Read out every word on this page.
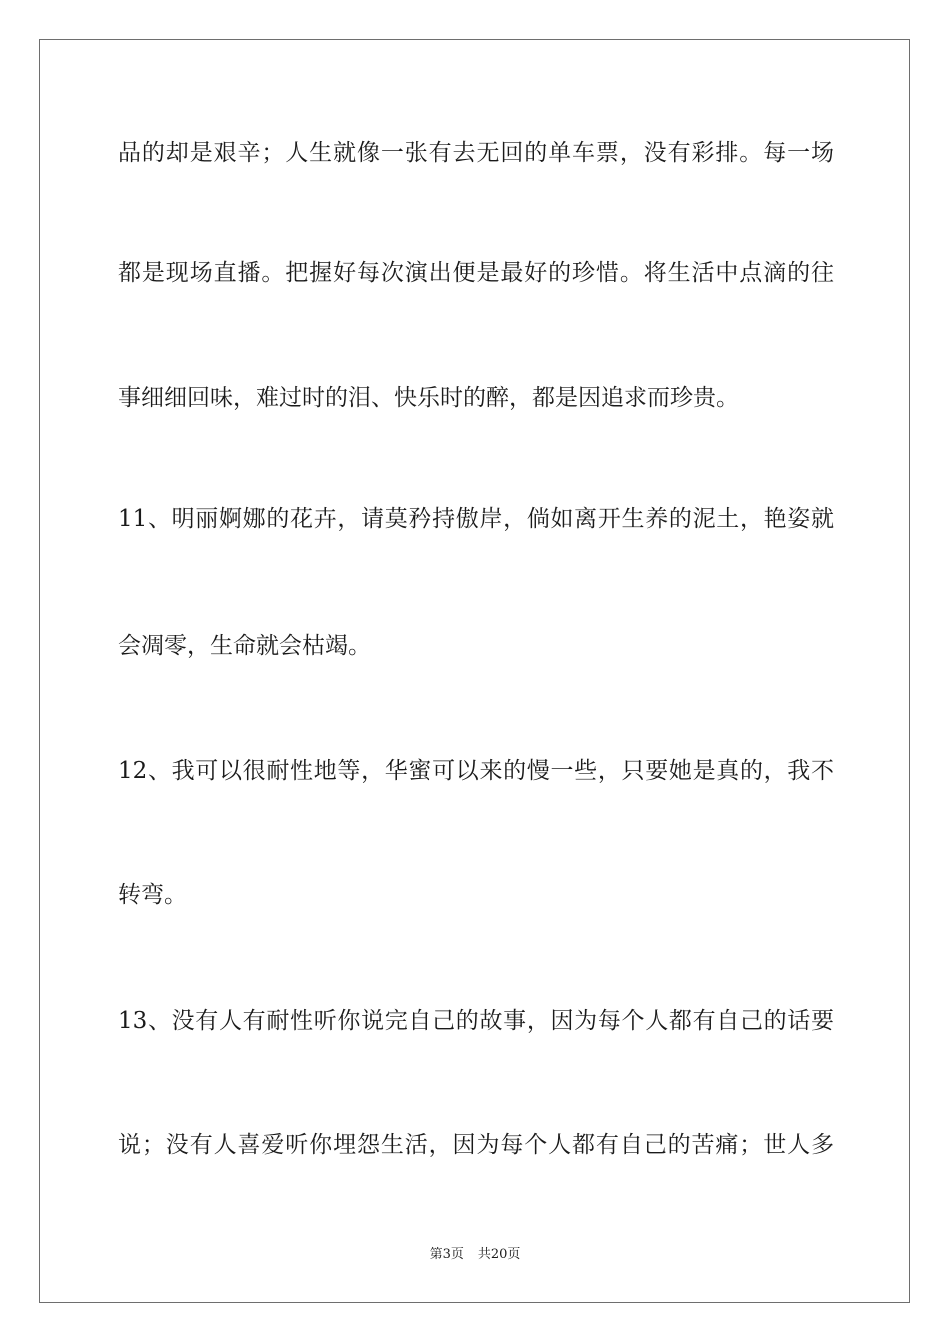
品的却是艰辛；人生就像一张有去无回的单车票，没有彩排。每一场

都是现场直播。把握好每次演出便是最好的珍惜。将生活中点滴的往

事细细回味，难过时的泪、快乐时的醉，都是因追求而珍贵。

11、明丽婀娜的花卉，请莫矜持傲岸，倘如离开生养的泥土，艳姿就

会凋零，生命就会枯竭。

12、我可以很耐性地等，华蜜可以来的慢一些，只要她是真的，我不

转弯。

13、没有人有耐性听你说完自己的故事，因为每个人都有自己的话要

说；没有人喜爱听你埋怨生活，因为每个人都有自己的苦痛；世人多

第3页 共20页
